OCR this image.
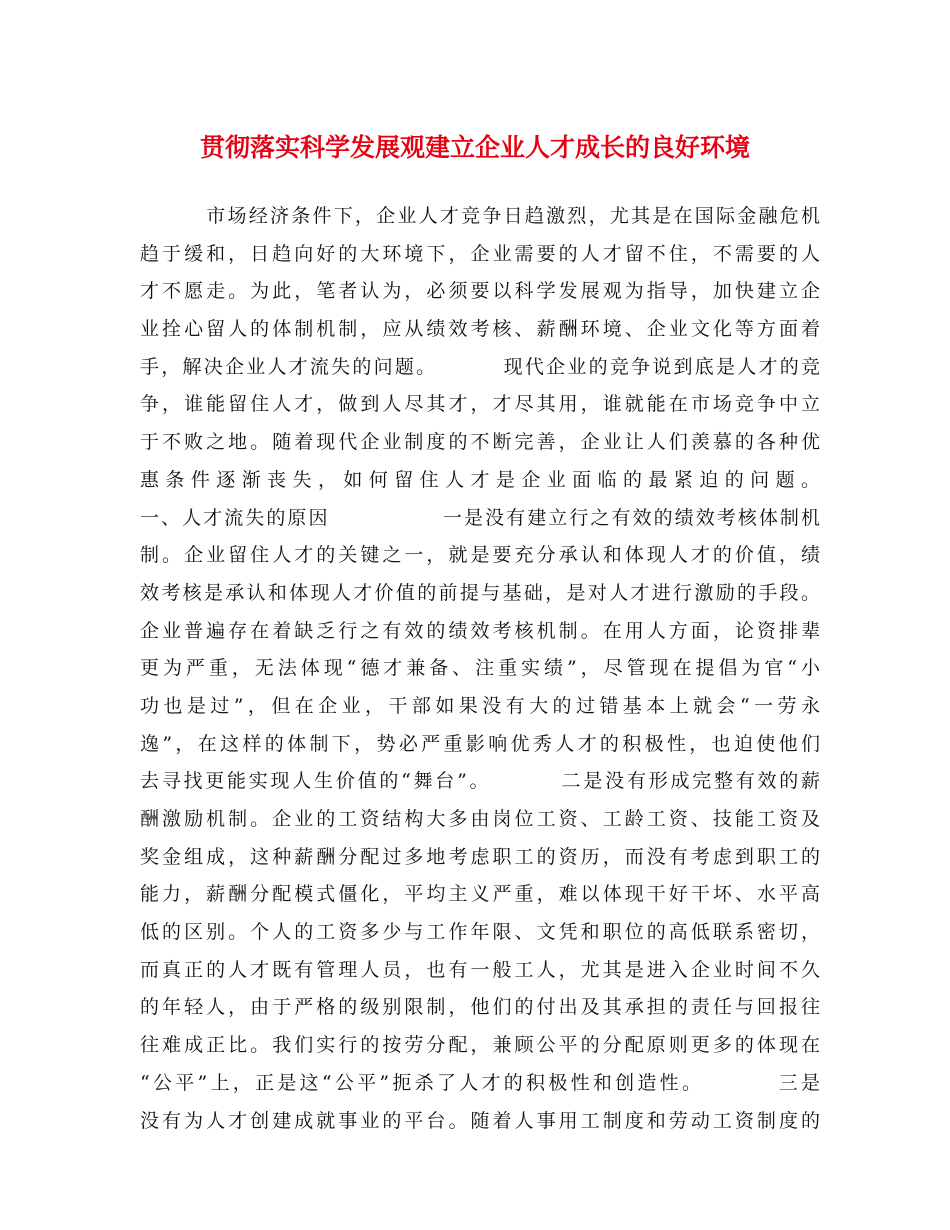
贯彻落实科学发展观建立企业人才成长的良好环境
市场经济条件下，企业人才竞争日趋激烈，尤其是在国际金融危机
趋于缓和，日趋向好的大环境下，企业需要的人才留不住，不需要的人
才不愿走。为此，笔者认为，必须要以科学发展观为指导，加快建立企
业拴心留人的体制机制，应从绩效考核、薪酬环境、企业文化等方面着
手，解决企业人才流失的问题。        现代企业的竞争说到底是人才的竞
争，谁能留住人才，做到人尽其才，才尽其用，谁就能在市场竞争中立
于不败之地。随着现代企业制度的不断完善，企业让人们羡慕的各种优
惠条件逐渐丧失，如何留住人才是企业面临的最紧迫的问题。
一、人才流失的原因              一是没有建立行之有效的绩效考核体制机
制。企业留住人才的关键之一，就是要充分承认和体现人才的价值，绩
效考核是承认和体现人才价值的前提与基础，是对人才进行激励的手段。
企业普遍存在着缺乏行之有效的绩效考核机制。在用人方面，论资排辈
更为严重，无法体现“德才兼备、注重实绩”，尽管现在提倡为官“小
功也是过”，但在企业，干部如果没有大的过错基本上就会“一劳永
逸”，在这样的体制下，势必严重影响优秀人才的积极性，也迫使他们
去寻找更能实现人生价值的“舞台”。        二是没有形成完整有效的薪
酬激励机制。企业的工资结构大多由岗位工资、工龄工资、技能工资及
奖金组成，这种薪酬分配过多地考虑职工的资历，而没有考虑到职工的
能力，薪酬分配模式僵化，平均主义严重，难以体现干好干坏、水平高
低的区别。个人的工资多少与工作年限、文凭和职位的高低联系密切，
而真正的人才既有管理人员，也有一般工人，尤其是进入企业时间不久
的年轻人，由于严格的级别限制，他们的付出及其承担的责任与回报往
往难成正比。我们实行的按劳分配，兼顾公平的分配原则更多的体现在
“公平”上，正是这“公平”扼杀了人才的积极性和创造性。        三是
没有为人才创建成就事业的平台。随着人事用工制度和劳动工资制度的
